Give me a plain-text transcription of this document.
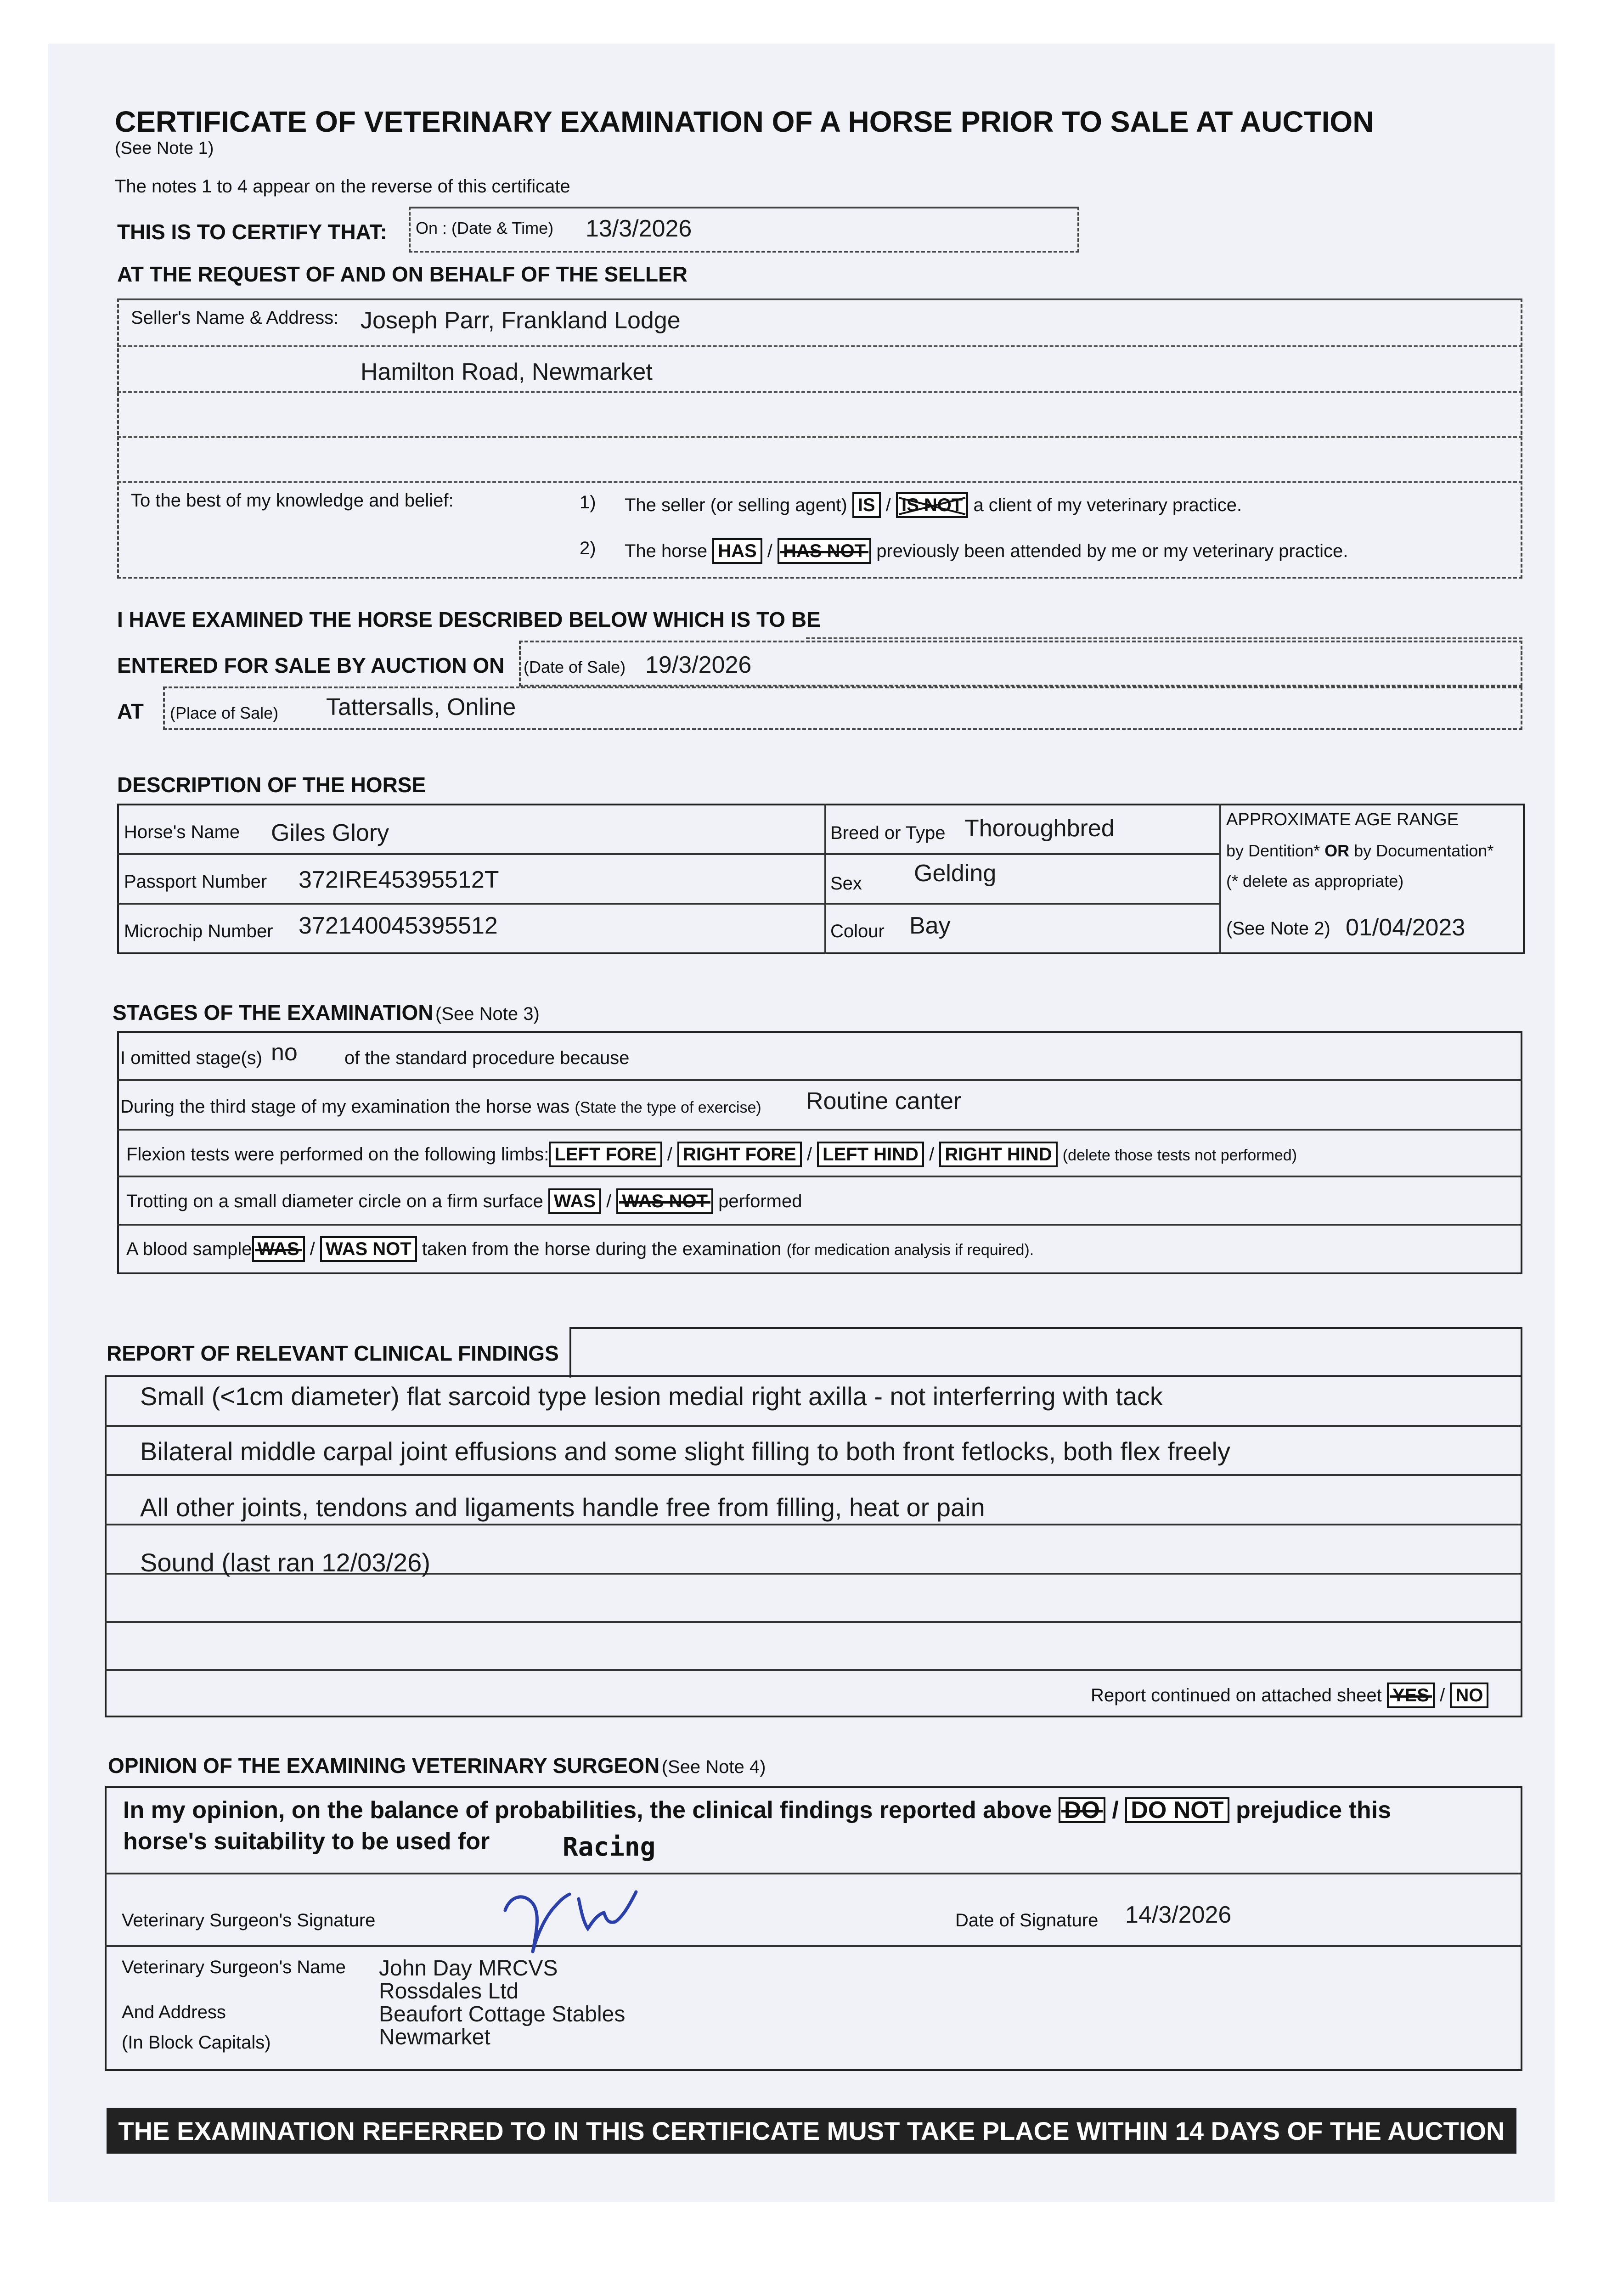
CERTIFICATE OF VETERINARY EXAMINATION OF A HORSE PRIOR TO SALE AT AUCTION
(See Note 1)
The notes 1 to 4 appear on the reverse of this certificate
THIS IS TO CERTIFY THAT: On : (Date & Time) 13/3/2026
AT THE REQUEST OF AND ON BEHALF OF THE SELLER
Seller's Name & Address: Joseph Parr, Frankland Lodge
Hamilton Road, Newmarket
To the best of my knowledge and belief:	1) The seller (or selling agent) IS / IS NOT a client of my veterinary practice.
2) The horse HAS / HAS NOT previously been attended by me or my veterinary practice.
I HAVE EXAMINED THE HORSE DESCRIBED BELOW WHICH IS TO BE
ENTERED FOR SALE BY AUCTION ON (Date of Sale) 19/3/2026
AT (Place of Sale) Tattersalls, Online
DESCRIPTION OF THE HORSE
Horse's Name Giles Glory
Passport Number 372IRE45395512T
Microchip Number 372140045395512
Breed or Type Thoroughbred
Sex Gelding
Colour Bay
APPROXIMATE AGE RANGE
by Dentition* OR by Documentation*
(* delete as appropriate)
(See Note 2) 01/04/2023
STAGES OF THE EXAMINATION (See Note 3)
I omitted stage(s) no	of the standard procedure because
During the third stage of my examination the horse was (State the type of exercise) Routine canter
Flexion tests were performed on the following limbs: LEFT FORE / RIGHT FORE / LEFT HIND / RIGHT HIND (delete those tests not performed)
Trotting on a small diameter circle on a firm surface WAS / WAS NOT performed
A blood sample WAS / WAS NOT taken from the horse during the examination (for medication analysis if required).
REPORT OF RELEVANT CLINICAL FINDINGS
Small (<1cm diameter) flat sarcoid type lesion medial right axilla - not interferring with tack
Bilateral middle carpal joint effusions and some slight filling to both front fetlocks, both flex freely
All other joints, tendons and ligaments handle free from filling, heat or pain
Sound (last ran 12/03/26)
Report continued on attached sheet YES / NO
OPINION OF THE EXAMINING VETERINARY SURGEON (See Note 4)
In my opinion, on the balance of probabilities, the clinical findings reported above DO / DO NOT prejudice this
horse's suitability to be used for	Racing
Veterinary Surgeon's Signature	Date of Signature 14/3/2026
Veterinary Surgeon's Name
And Address
(In Block Capitals)
John Day MRCVS
Rossdales Ltd
Beaufort Cottage Stables
Newmarket
THE EXAMINATION REFERRED TO IN THIS CERTIFICATE MUST TAKE PLACE WITHIN 14 DAYS OF THE AUCTION
